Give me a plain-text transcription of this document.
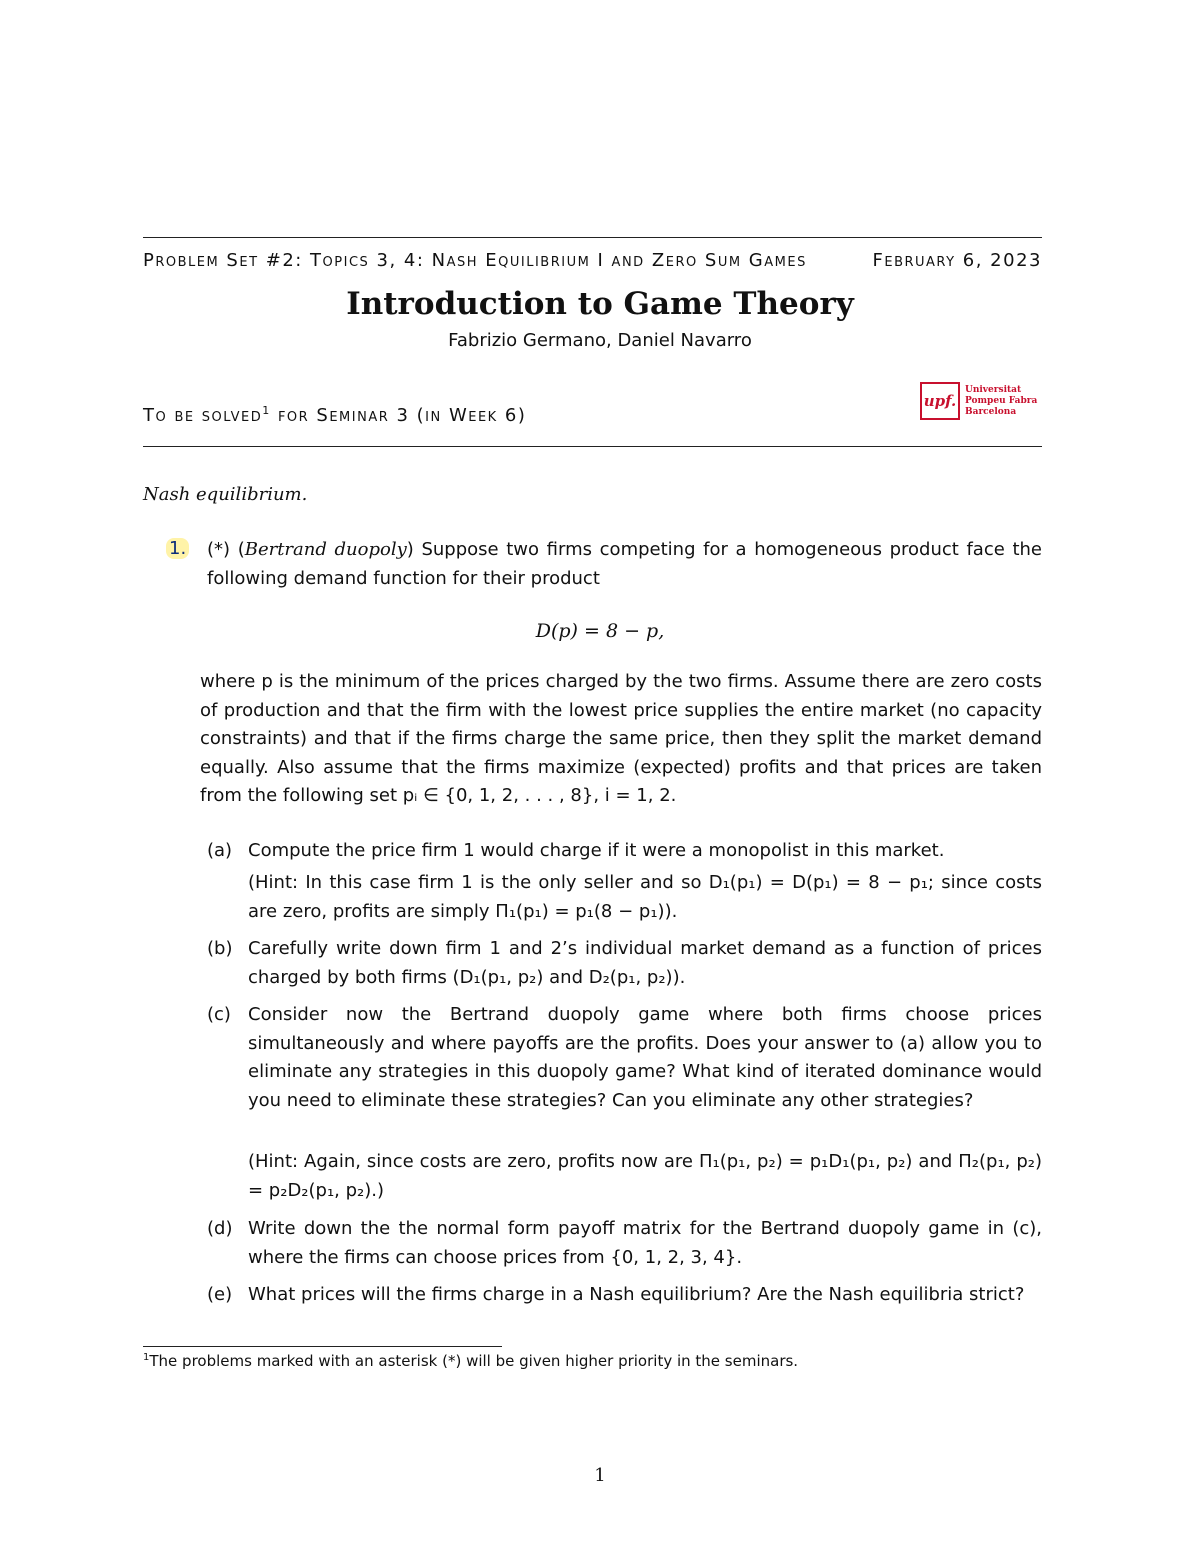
Problem Set #2: Topics 3, 4: Nash Equilibrium I and Zero Sum Games	February 6, 2023
Introduction to Game Theory
Fabrizio Germano, Daniel Navarro
To be solved$^1$ for Seminar 3 (in Week 6)
upf.
Universitat
Pompeu Fabra
Barcelona
Nash equilibrium.
1. (*) (Bertrand duopoly) Suppose two firms competing for a homogeneous product face the following demand function for their product
D(p) = 8 − p,
where p is the minimum of the prices charged by the two firms. Assume there are zero costs of production and that the firm with the lowest price supplies the entire market (no capacity constraints) and that if the firms charge the same price, then they split the market demand equally. Also assume that the firms maximize (expected) profits and that prices are taken from the following set pᵢ ∈ {0, 1, 2, . . . , 8}, i = 1, 2.
(a) Compute the price firm 1 would charge if it were a monopolist in this market.
(Hint: In this case firm 1 is the only seller and so D₁(p₁) = D(p₁) = 8 − p₁; since costs are zero, profits are simply Π₁(p₁) = p₁(8 − p₁)).
(b) Carefully write down firm 1 and 2’s individual market demand as a function of prices charged by both firms (D₁(p₁, p₂) and D₂(p₁, p₂)).
(c) Consider now the Bertrand duopoly game where both firms choose prices simultaneously and where payoffs are the profits. Does your answer to (a) allow you to eliminate any strategies in this duopoly game? What kind of iterated dominance would you need to eliminate these strategies? Can you eliminate any other strategies?
(Hint: Again, since costs are zero, profits now are Π₁(p₁, p₂) = p₁D₁(p₁, p₂) and Π₂(p₁, p₂) = p₂D₂(p₁, p₂).)
(d) Write down the the normal form payoff matrix for the Bertrand duopoly game in (c), where the firms can choose prices from {0, 1, 2, 3, 4}.
(e) What prices will the firms charge in a Nash equilibrium? Are the Nash equilibria strict?
$^1$The problems marked with an asterisk (*) will be given higher priority in the seminars.
1
